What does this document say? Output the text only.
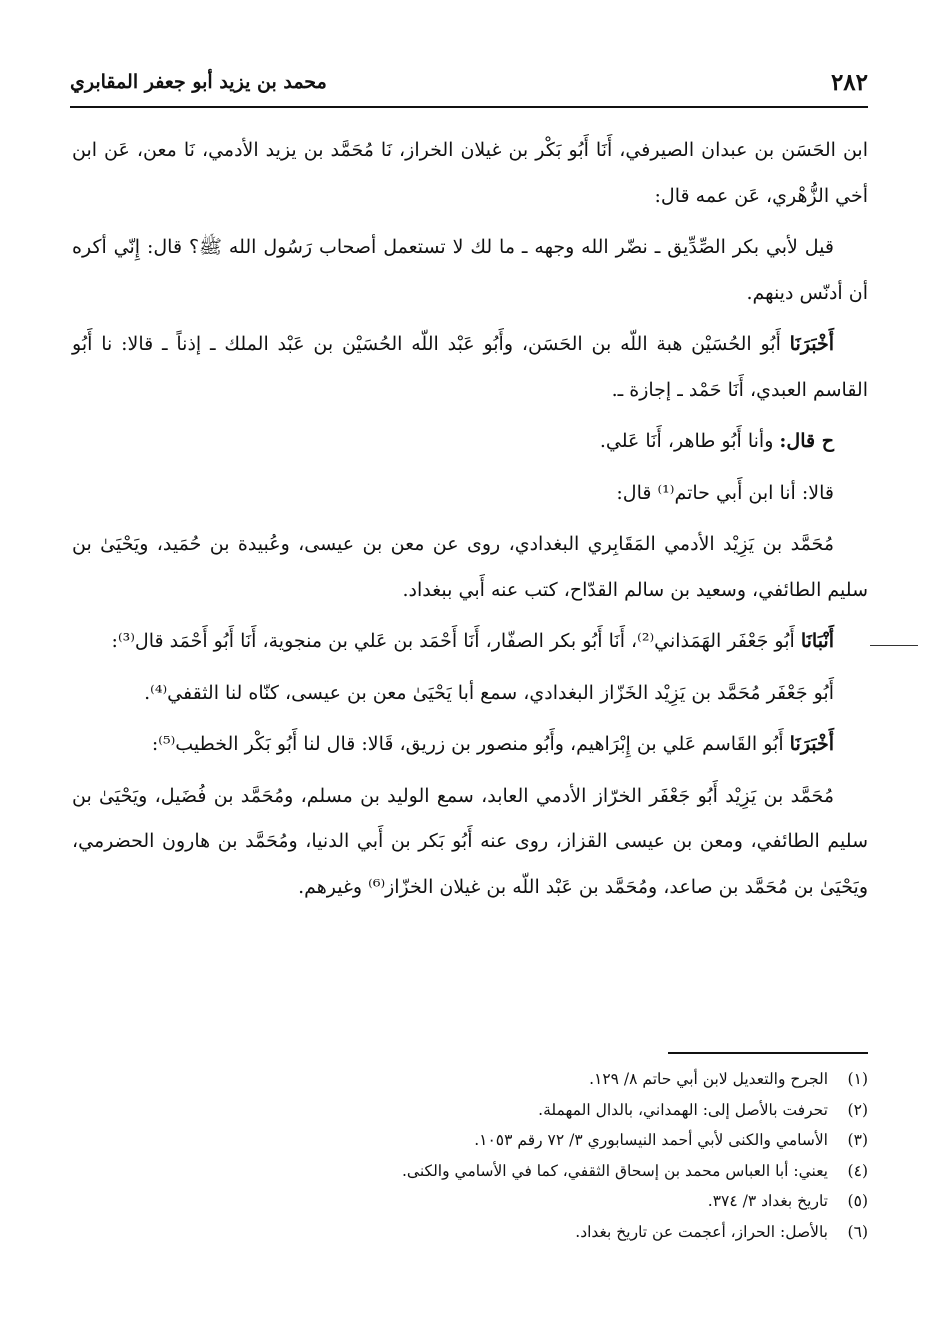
٢٨٢
محمد بن يزيد أبو جعفر المقابري

ابن الحَسَن بن عبدان الصيرفي، أَنَا أَبُو بَكْر بن غيلان الخراز، نَا مُحَمَّد بن يزيد الأدمي، نَا معن، عَن ابن أخي الزُّهْري، عَن عمه قال:

قيل لأبي بكر الصِّدِّيق ـ نضّر الله وجهه ـ ما لك لا تستعمل أصحاب رَسُول الله ﷺ؟ قال: إِنّي أكره أن أدنّس دينهم.

أَخْبَرَنَا أَبُو الحُسَيْن هبة اللّه بن الحَسَن، وأَبُو عَبْد اللّه الحُسَيْن بن عَبْد الملك ـ إذناً ـ قالا: نا أَبُو القاسم العبدي، أَنَا حَمْد ـ إجازة ـ.

ح قال: وأنا أَبُو طاهر، أَنَا عَلي.

قالا: أنا ابن أَبي حاتم⁽¹⁾ قال:

مُحَمَّد بن يَزِيْد الأدمي المَقَابِري البغدادي، روى عن معن بن عيسى، وعُبيدة بن حُمَيد، ويَحْيَىٰ بن سليم الطائفي، وسعيد بن سالم القدّاح، كتب عنه أَبي ببغداد.

أَنْبَانَا أَبُو جَعْفَر الهَمَذاني⁽²⁾، أَنَا أَبُو بكر الصفّار، أَنَا أَحْمَد بن عَلي بن منجوية، أَنَا أَبُو أَحْمَد قال⁽³⁾:

أَبُو جَعْفَر مُحَمَّد بن يَزِيْد الخَزّاز البغدادي، سمع أبا يَحْيَىٰ معن بن عيسى، كنّاه لنا الثقفي⁽⁴⁾.

أَخْبَرَنَا أَبُو القَاسم عَلي بن إِبْرَاهيم، وأَبُو منصور بن زريق، قَالا: قال لنا أَبُو بَكْر الخطيب⁽⁵⁾:

مُحَمَّد بن يَزِيْد أَبُو جَعْفَر الخرّاز الأدمي العابد، سمع الوليد بن مسلم، ومُحَمَّد بن فُضَيل، ويَحْيَىٰ بن سليم الطائفي، ومعن بن عيسى القزاز، روى عنه أَبُو بَكر بن أَبي الدنيا، ومُحَمَّد بن هارون الحضرمي، ويَحْيَىٰ بن مُحَمَّد بن صاعد، ومُحَمَّد بن عَبْد اللّه بن غيلان الخزّاز⁽⁶⁾ وغيرهم.

(١)
الجرح والتعديل لابن أبي حاتم ٨/ ١٢٩.
(٢)
تحرفت بالأصل إلى: الهمداني، بالدال المهملة.
(٣)
الأسامي والكنى لأبي أحمد النيسابوري ٣/ ٧٢ رقم ١٠٥٣.
(٤)
يعني: أبا العباس محمد بن إسحاق الثقفي، كما في الأسامي والكنى.
(٥)
تاريخ بغداد ٣/ ٣٧٤.
(٦)
بالأصل: الحراز، أعجمت عن تاريخ بغداد.
